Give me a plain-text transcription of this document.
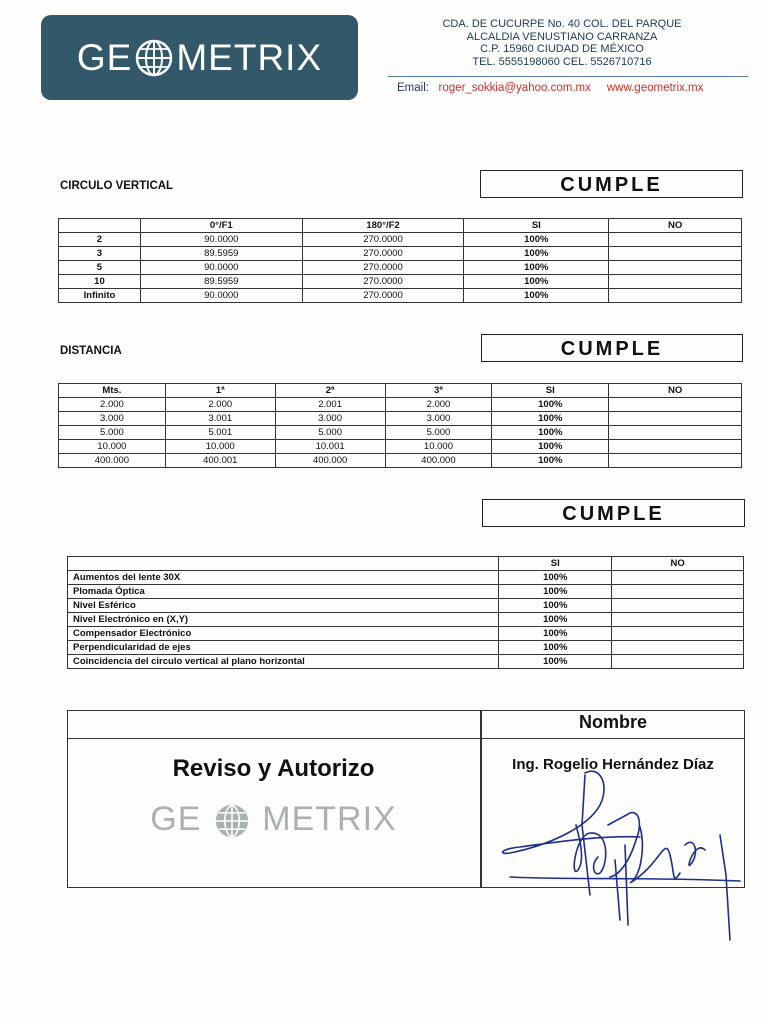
GE METRIX
CDA. DE CUCURPE No. 40 COL. DEL PARQUE
ALCALDIA VENUSTIANO CARRANZA
C.P. 15960 CIUDAD DE MÉXICO
TEL. 5555198060 CEL. 5526710716
Email: roger_sokkia@yahoo.com.mx www.geometrix.mx
CIRCULO VERTICAL	CUMPLE
	0°/F1	180°/F2	SI	NO
2	90.0000	270.0000	100%	
3	89.5959	270.0000	100%	
5	90.0000	270.0000	100%	
10	89.5959	270.0000	100%	
Infinito	90.0000	270.0000	100%	
DISTANCIA	CUMPLE
Mts.	1ª	2ª	3ª	SI	NO
2.000	2.000	2.001	2.000	100%	
3.000	3.001	3.000	3.000	100%	
5.000	5.001	5.000	5.000	100%	
10.000	10.000	10.001	10.000	100%	
400.000	400.001	400.000	400.000	100%	
CUMPLE
	SI	NO
Aumentos del lente 30X	100%	
Plomada Óptica	100%	
Nivel Esférico	100%	
Nivel Electrónico en (X,Y)	100%	
Compensador Electrónico	100%	
Perpendicularidad de ejes	100%	
Coincidencia del circulo vertical al plano horizontal	100%	
Nombre
Reviso y Autorizo
GE METRIX
Ing. Rogelio Hernández Díaz
